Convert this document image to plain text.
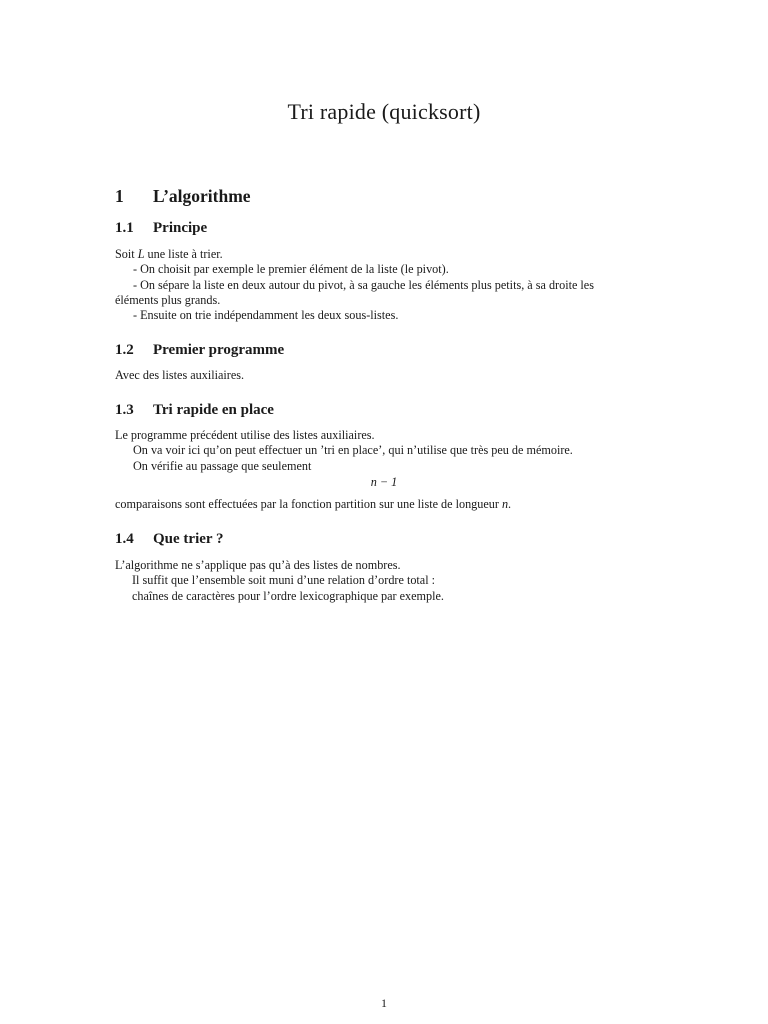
Tri rapide (quicksort)
1 L’algorithme
1.1 Principe
Soit L une liste à trier.
- On choisit par exemple le premier élément de la liste (le pivot).
- On sépare la liste en deux autour du pivot, à sa gauche les éléments plus petits, à sa droite les
éléments plus grands.
- Ensuite on trie indépendamment les deux sous-listes.
1.2 Premier programme
Avec des listes auxiliaires.
1.3 Tri rapide en place
Le programme précédent utilise des listes auxiliaires.
On va voir ici qu’on peut effectuer un ’tri en place’, qui n’utilise que très peu de mémoire.
On vérifie au passage que seulement
n − 1
comparaisons sont effectuées par la fonction partition sur une liste de longueur n.
1.4 Que trier ?
L’algorithme ne s’applique pas qu’à des listes de nombres.
Il suffit que l’ensemble soit muni d’une relation d’ordre total :
chaînes de caractères pour l’ordre lexicographique par exemple.
1
